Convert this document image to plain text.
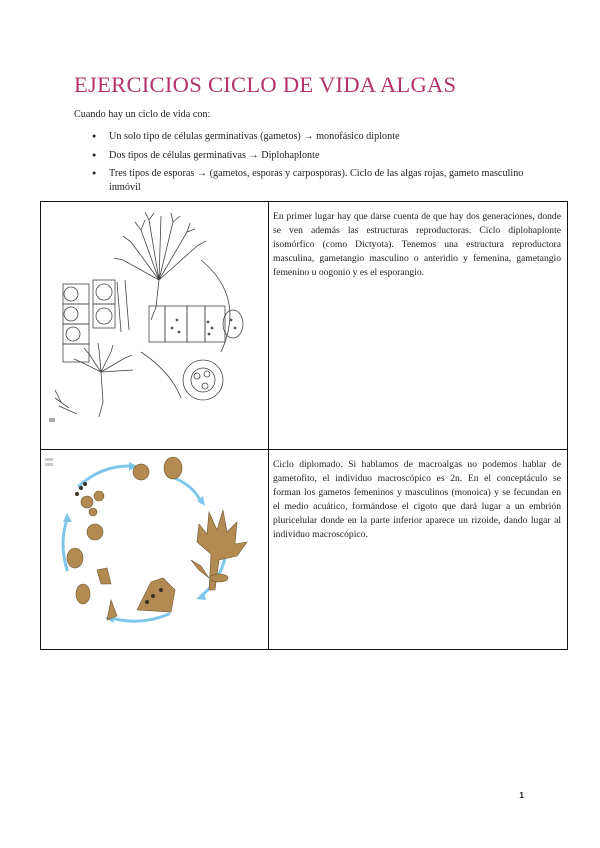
EJERCICIOS CICLO DE VIDA ALGAS
Cuando hay un ciclo de vida con:
● Un solo tipo de células germinativas (gametos) → monofásico diplonte
● Dos tipos de células germinativas → Diplohaplonte
● Tres tipos de esporas → (gametos, esporas y carposporas). Ciclo de las algas rojas, gameto masculino inmóvil

En primer lugar hay que darse cuenta de que hay dos generaciones, donde se ven además las estructuras reproductoras. Ciclo diplohaplonte isomórfico (como Dictyota). Tenemos una estructura reproductora masculina, gametangio masculino o anteridio y femenina, gametangio femenino u oogonio y es el esporangio.

Ciclo diplomado. Si hablamos de macroalgas no podemos hablar de gametofito, el individuo macroscópico es 2n. En el conceptáculo se forman los gametos femeninos y masculinos (monoica) y se fecundan en el medio acuático, formándose el cigoto que dará lugar a un embrión pluricelular donde en la parte inferior aparece un rizoide, dando lugar al individuo macroscópico.
1
